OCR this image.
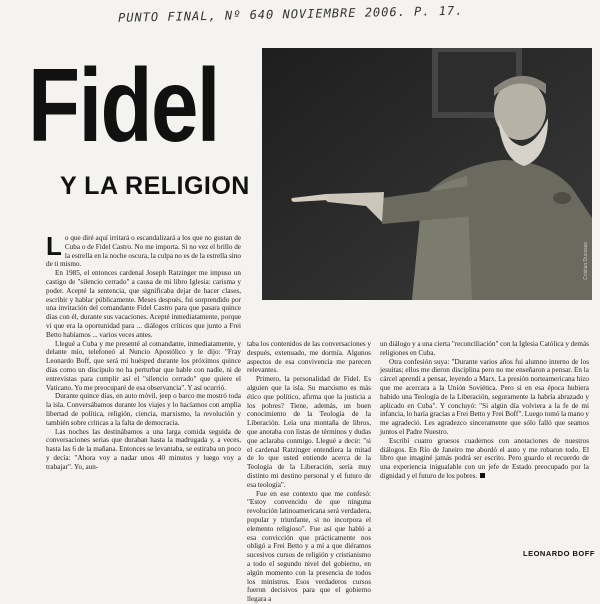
PUNTO FINAL, Nº 640 NOVIEMBRE 2006. P. 17.
Fidel
Y LA RELIGION
Cristian Ducasse

Lo que diré aquí irritará o escandalizará a los que no gustan de Cuba o de Fidel Castro. No me importa. Si no vez el brillo de la estrella en la noche oscura, la culpa no es de la estrella sino de ti mismo.

En 1985, el entonces cardenal Joseph Ratzinger me impuso un castigo de "silencio cerrado" a causa de mi libro Iglesia: carisma y poder. Acepté la sentencia, que significaba dejar de hacer clases, escribir y hablar públicamente. Meses después, fui sorprendido por una invitación del comandante Fidel Castro para que pasara quince días con él, durante sus vacaciones. Acepté inmediatamente, porque vi que era la oportunidad para ... diálogos críticos que junto a Frei Betto habíamos ... varios veces antes.

Llegué a Cuba y me presenté al comandante, inmediatamente, y delante mío, telefoneó al Nuncio Apostólico y le dijo: "Fray Leonardo Boff, que será mi huésped durante los próximos quince días como un discípulo no ha perturbar que hable con nadie, ni de entrevistas para cumplir así el "silencio cerrado" que quiere el Vaticano. Yo me preocuparé de esa observancia". Y así ocurrió.

Durante quince días, en auto móvil, jeep o barco me mostró toda la isla. Conversábamos durante los viajes y lo hacíamos con amplia libertad de política, religión, ciencia, marxismo, la revolución y también sobre críticas a la falta de democracia.

Las noches las destinábamos a una larga comida seguida de conversaciones serias que duraban hasta la madrugada y, a veces, hasta las 6 de la mañana. Entonces se levantaba, se estiraba un poco y decía: "Ahora voy a nadar unos 40 minutos y luego voy a trabajar". Yo, aun-

taba los contenidos de las conversaciones y después, extenuado, me dormía. Algunos aspectos de esa convivencia me parecen relevantes.

Primero, la personalidad de Fidel. Es alguien que la isla. Su marxismo es más ético que político, afirma que la justicia a los pobres? Tiene, además, un buen conocimiento de la Teología de la Liberación. Leía una montaña de libros, que anotaba con listas de términos y dudas que aclaraba conmigo. Llegué a decir: "si el cardenal Ratzinger entendiera la mitad de lo que usted entiende acerca de la Teología de la Liberación, sería muy distinto mi destino personal y el futuro de esa teología".

Fue en ese contexto que me confesó: "Estoy convencido de que ninguna revolución latinoamericana será verdadera, popular y triunfante, si no incorpora el elemento religioso". Fue así que habló a esa convicción que prácticamente nos obligó a Frei Betto y a mí a que diéramos sucesivos cursos de religión y cristianismo a todo el segundo nivel del gobierno, en algún momento con la presencia de todos los ministros. Esos verdaderos cursos fueron decisivos para que el gobierno llegara a

un diálogo y a una cierta "reconciliación" con la Iglesia Católica y demás religiones en Cuba.

Otra confesión suya: "Durante varios años fui alumno interno de los jesuitas; ellos me dieron disciplina pero no me enseñaron a pensar. En la cárcel aprendí a pensar, leyendo a Marx. La presión norteamericana hizo que me acercara a la Unión Soviética. Pero si en esa época hubiera habido una Teología de la Liberación, seguramente la habría abrazado y aplicado en Cuba". Y concluyó: "Si algún día volviera a la fe de mi infancia, lo haría gracias a Frei Betto y Frei Boff". Luego tomó la mano y me agradeció. Les agradezco sinceramente que sólo falló que seamos juntos el Padre Nuestro.

Escribí cuatro gruesos cuadernos con anotaciones de nuestros diálogos. En Río de Janeiro me abordó el auto y me robaron todo. El libro que imaginé jamás podrá ser escrito. Pero guardo el recuerdo de una experiencia inigualable con un jefe de Estado preocupado por la dignidad y el futuro de los pobres.

LEONARDO BOFF
